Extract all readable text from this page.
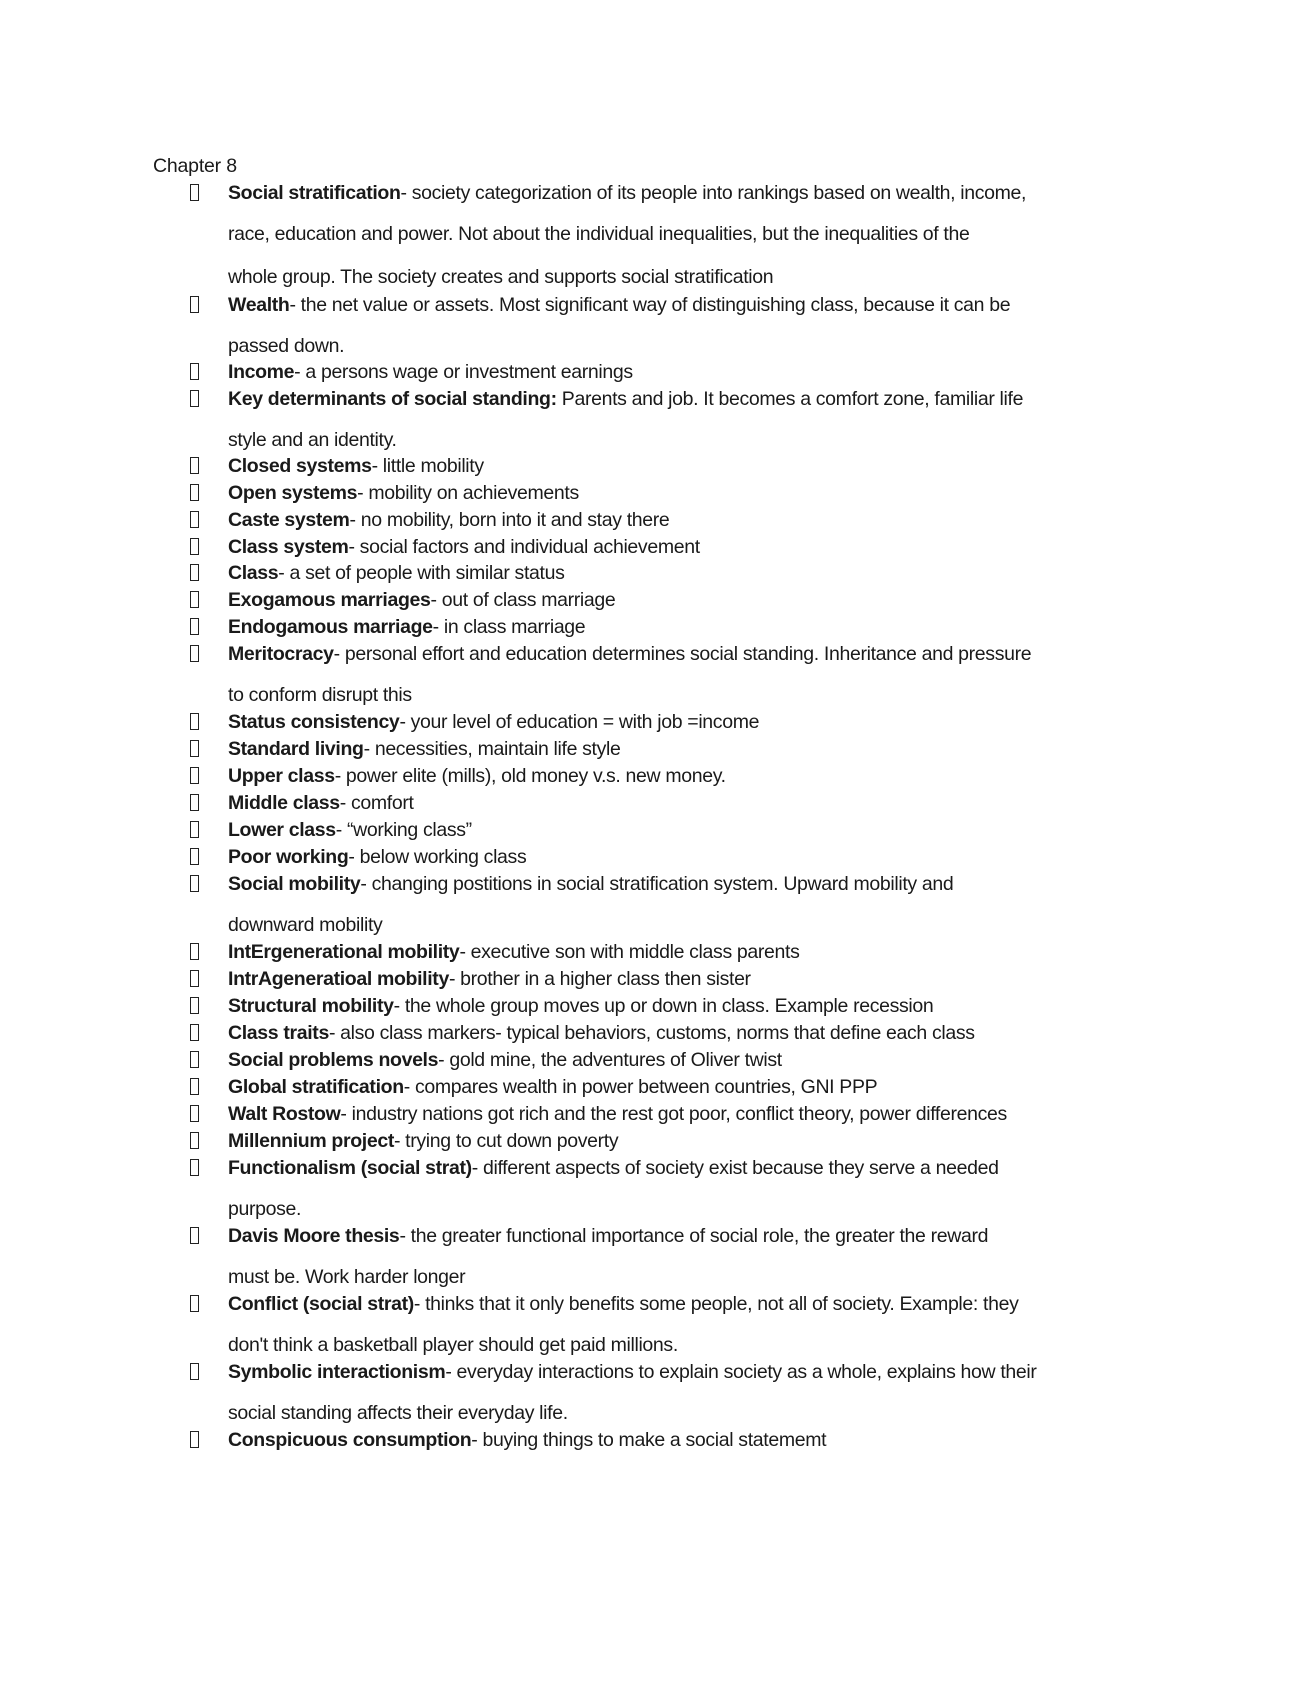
Chapter 8
Social stratification- society categorization of its people into rankings based on wealth, income,
race, education and power. Not about the individual inequalities, but the inequalities of the
whole group. The society creates and supports social stratification
Wealth- the net value or assets. Most significant way of distinguishing class, because it can be
passed down.
Income- a persons wage or investment earnings
Key determinants of social standing: Parents and job. It becomes a comfort zone, familiar life
style and an identity.
Closed systems- little mobility
Open systems- mobility on achievements
Caste system- no mobility, born into it and stay there
Class system- social factors and individual achievement
Class- a set of people with similar status
Exogamous marriages- out of class marriage
Endogamous marriage- in class marriage
Meritocracy- personal effort and education determines social standing. Inheritance and pressure
to conform disrupt this
Status consistency- your level of education = with job =income
Standard living- necessities, maintain life style
Upper class- power elite (mills), old money v.s. new money.
Middle class- comfort
Lower class- “working class”
Poor working- below working class
Social mobility- changing postitions in social stratification system. Upward mobility and
downward mobility
IntErgenerational mobility- executive son with middle class parents
IntrAgeneratioal mobility- brother in a higher class then sister
Structural mobility- the whole group moves up or down in class. Example recession
Class traits- also class markers- typical behaviors, customs, norms that define each class
Social problems novels- gold mine, the adventures of Oliver twist
Global stratification- compares wealth in power between countries, GNI PPP
Walt Rostow- industry nations got rich and the rest got poor, conflict theory, power differences
Millennium project- trying to cut down poverty
Functionalism (social strat)- different aspects of society exist because they serve a needed
purpose.
Davis Moore thesis- the greater functional importance of social role, the greater the reward
must be. Work harder longer
Conflict (social strat)- thinks that it only benefits some people, not all of society. Example: they
don't think a basketball player should get paid millions.
Symbolic interactionism- everyday interactions to explain society as a whole, explains how their
social standing affects their everyday life.
Conspicuous consumption- buying things to make a social statememt
